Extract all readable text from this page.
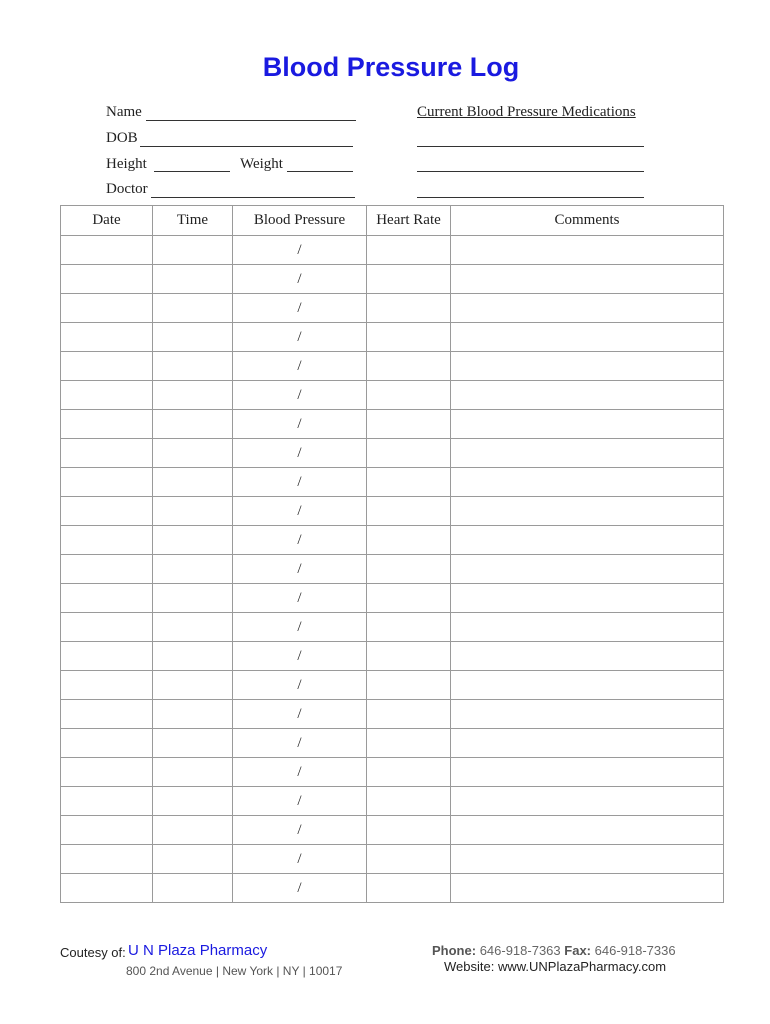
Blood Pressure Log
Name
DOB
Height	Weight
Doctor
Current Blood Pressure Medications
Date	Time	Blood Pressure	Heart Rate	Comments
		/		
		/		
		/		
		/		
		/		
		/		
		/		
		/		
		/		
		/		
		/		
		/		
		/		
		/		
		/		
		/		
		/		
		/		
		/		
		/		
		/		
		/		
		/		
Coutesy of: U N Plaza Pharmacy
800 2nd Avenue | New York | NY | 10017
Phone: 646-918-7363 Fax: 646-918-7336
Website: www.UNPlazaPharmacy.com
